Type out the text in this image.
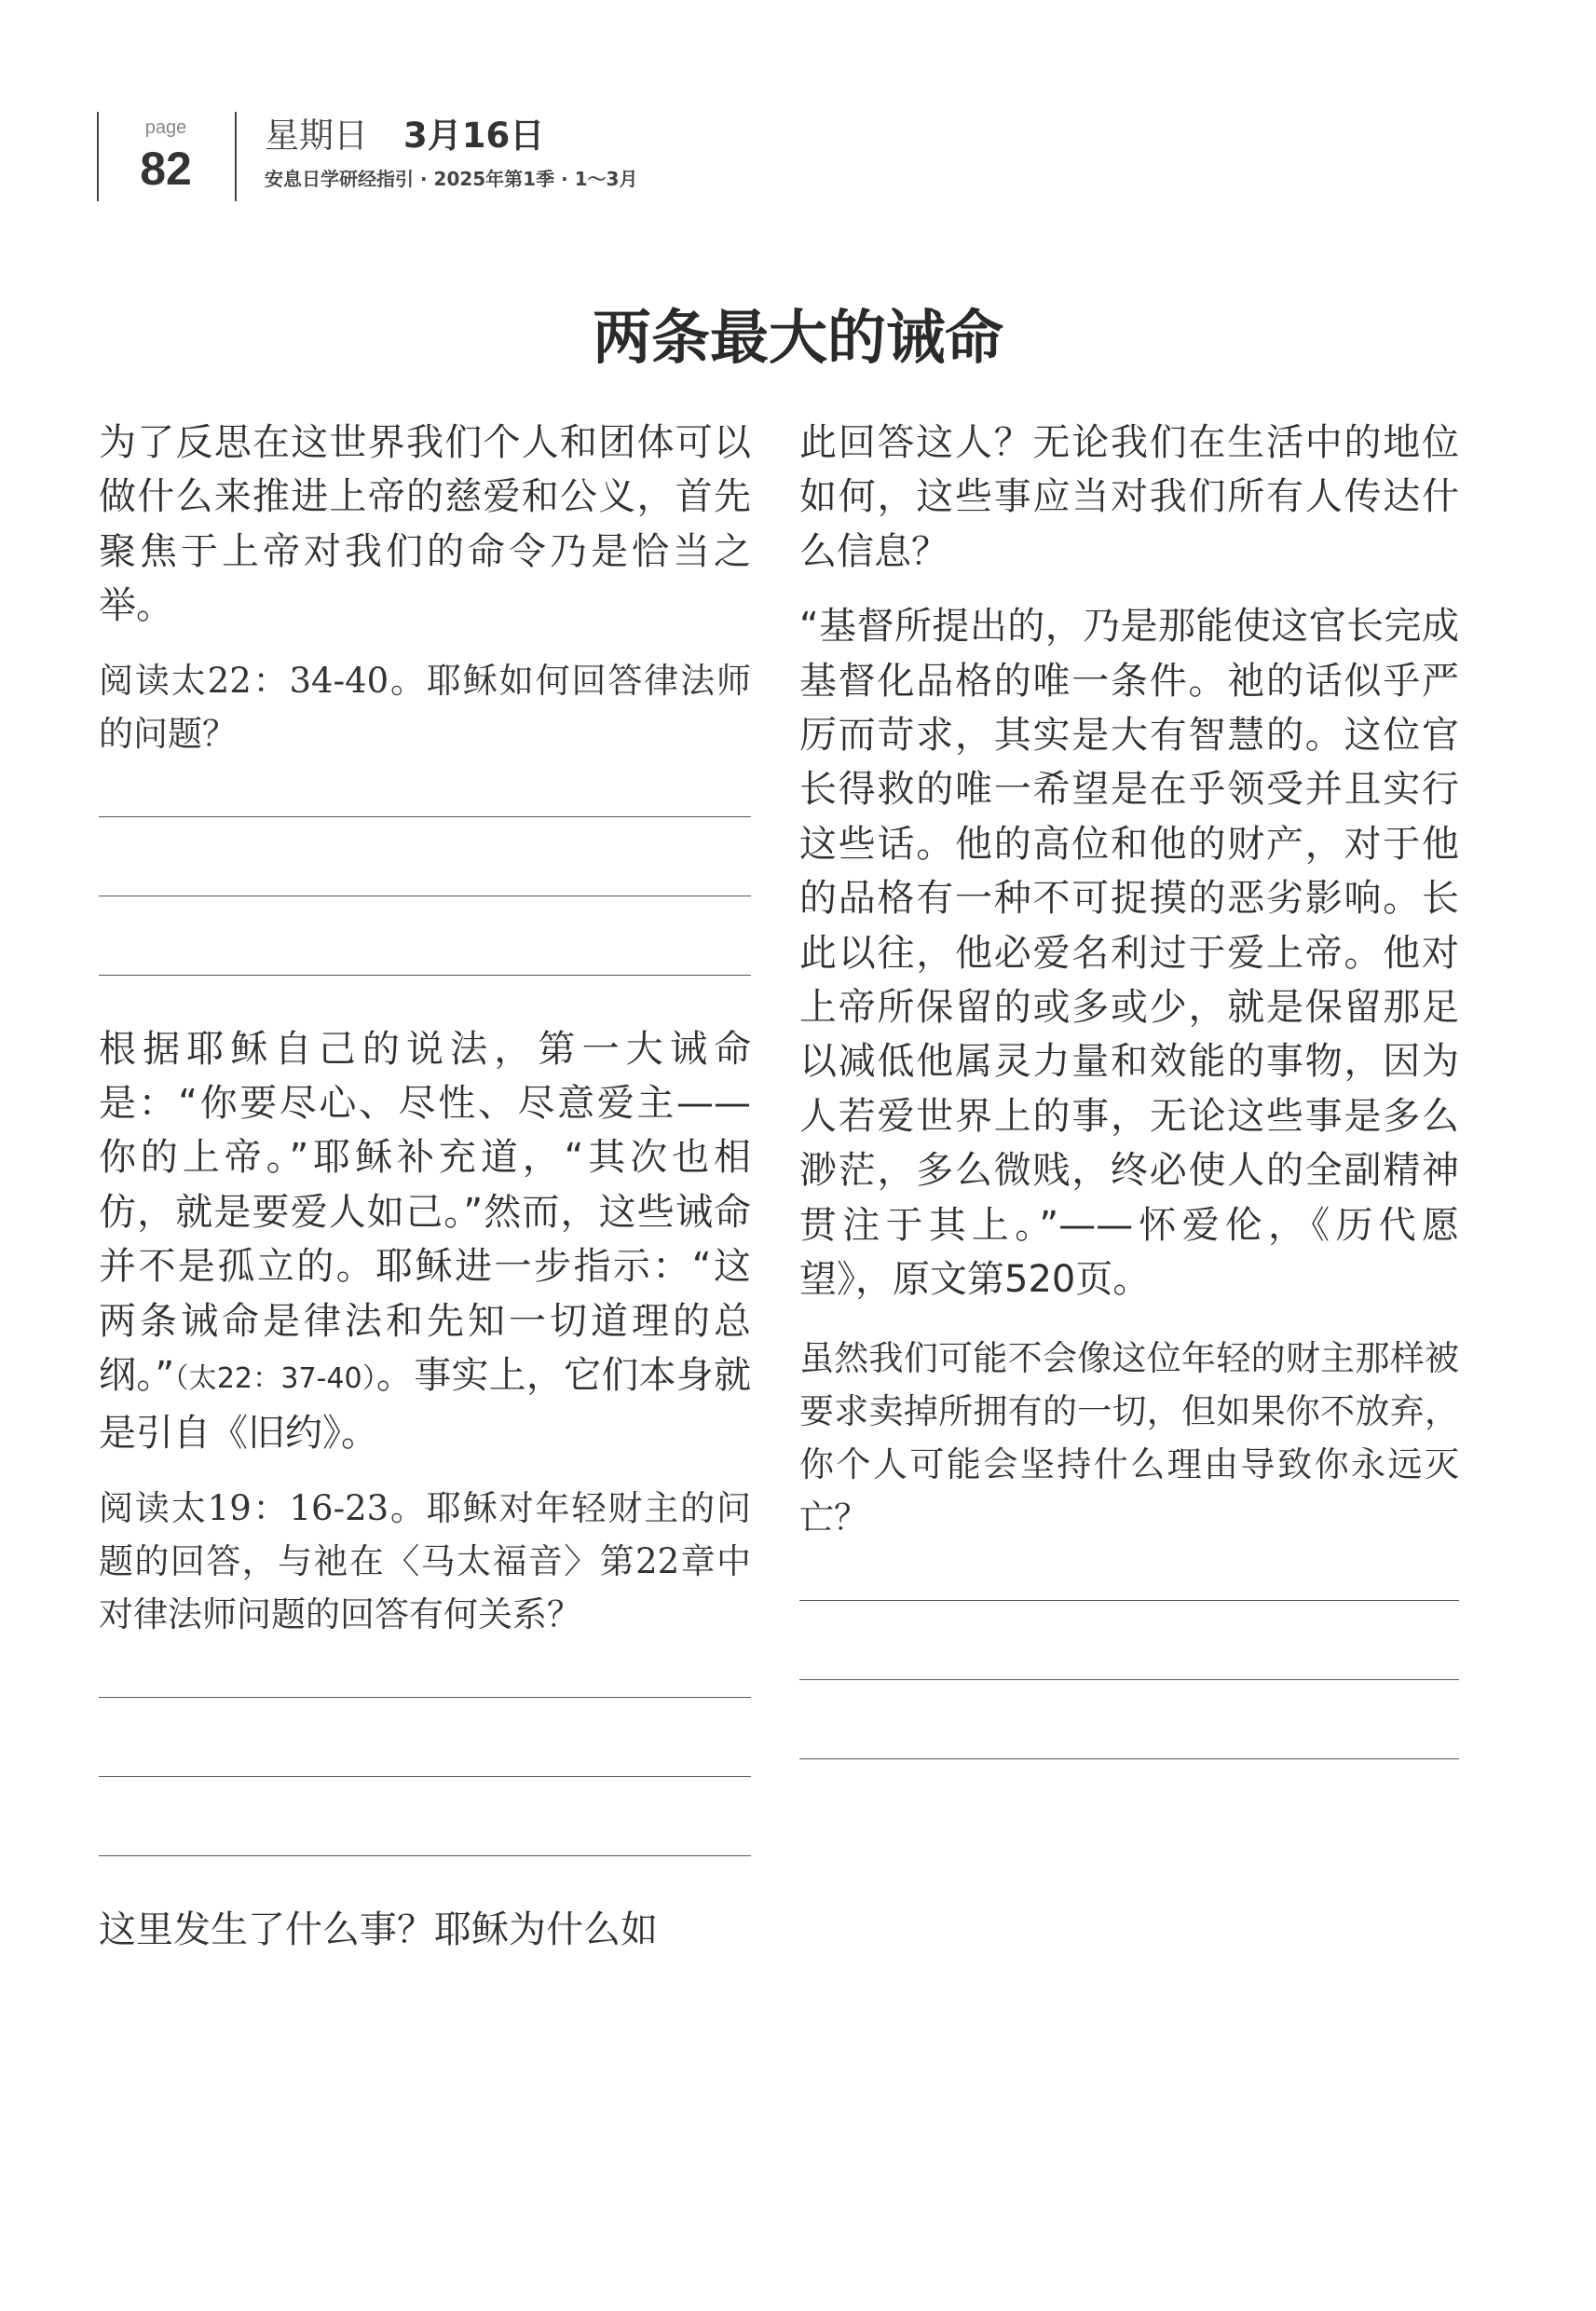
page
82
星期日 3月16日
安息日学研经指引 · 2025年第1季 · 1～3月
两条最大的诫命

为了反思在这世界我们个人和团体可以做什么来推进上帝的慈爱和公义，首先聚焦于上帝对我们的命令乃是恰当之举。

阅读太22：34-40。耶稣如何回答律法师的问题？

根据耶稣自己的说法，第一大诫命是：“你要尽心、尽性、尽意爱主——你的上帝。”耶稣补充道，“其次也相仿，就是要爱人如己。”然而，这些诫命并不是孤立的。耶稣进一步指示：“这两条诫命是律法和先知一切道理的总纲。”（太22：37-40）。事实上，它们本身就是引自《旧约》。

阅读太19：16-23。耶稣对年轻财主的问题的回答，与祂在〈马太福音〉第22章中对律法师问题的回答有何关系？

这里发生了什么事？耶稣为什么如

此回答这人？无论我们在生活中的地位如何，这些事应当对我们所有人传达什么信息？

“基督所提出的，乃是那能使这官长完成基督化品格的唯一条件。祂的话似乎严厉而苛求，其实是大有智慧的。这位官长得救的唯一希望是在乎领受并且实行这些话。他的高位和他的财产，对于他的品格有一种不可捉摸的恶劣影响。长此以往，他必爱名利过于爱上帝。他对上帝所保留的或多或少，就是保留那足以减低他属灵力量和效能的事物，因为人若爱世界上的事，无论这些事是多么渺茫，多么微贱，终必使人的全副精神贯注于其上。”——怀爱伦，《历代愿望》，原文第520页。

虽然我们可能不会像这位年轻的财主那样被要求卖掉所拥有的一切，但如果你不放弃，你个人可能会坚持什么理由导致你永远灭亡？
